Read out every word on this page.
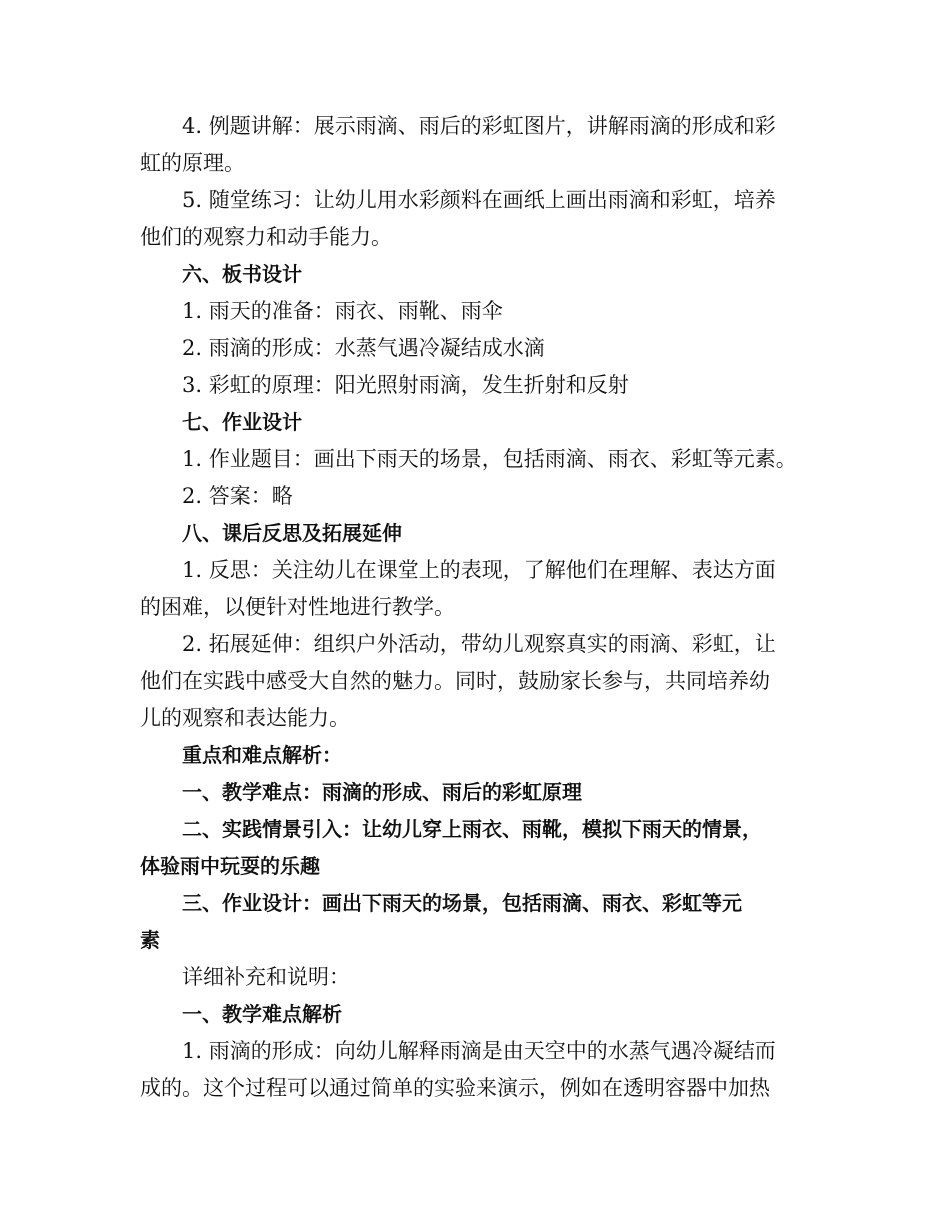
4. 例题讲解：展示雨滴、雨后的彩虹图片，讲解雨滴的形成和彩
虹的原理。
5. 随堂练习：让幼儿用水彩颜料在画纸上画出雨滴和彩虹，培养
他们的观察力和动手能力。
六、板书设计
1. 雨天的准备：雨衣、雨靴、雨伞
2. 雨滴的形成：水蒸气遇冷凝结成水滴
3. 彩虹的原理：阳光照射雨滴，发生折射和反射
七、作业设计
1. 作业题目：画出下雨天的场景，包括雨滴、雨衣、彩虹等元素。
2. 答案：略
八、课后反思及拓展延伸
1. 反思：关注幼儿在课堂上的表现，了解他们在理解、表达方面
的困难，以便针对性地进行教学。
2. 拓展延伸：组织户外活动，带幼儿观察真实的雨滴、彩虹，让
他们在实践中感受大自然的魅力。同时，鼓励家长参与，共同培养幼
儿的观察和表达能力。
重点和难点解析：
一、教学难点：雨滴的形成、雨后的彩虹原理
二、实践情景引入：让幼儿穿上雨衣、雨靴，模拟下雨天的情景，
体验雨中玩耍的乐趣
三、作业设计：画出下雨天的场景，包括雨滴、雨衣、彩虹等元
素
详细补充和说明：
一、教学难点解析
1. 雨滴的形成：向幼儿解释雨滴是由天空中的水蒸气遇冷凝结而
成的。这个过程可以通过简单的实验来演示，例如在透明容器中加热
